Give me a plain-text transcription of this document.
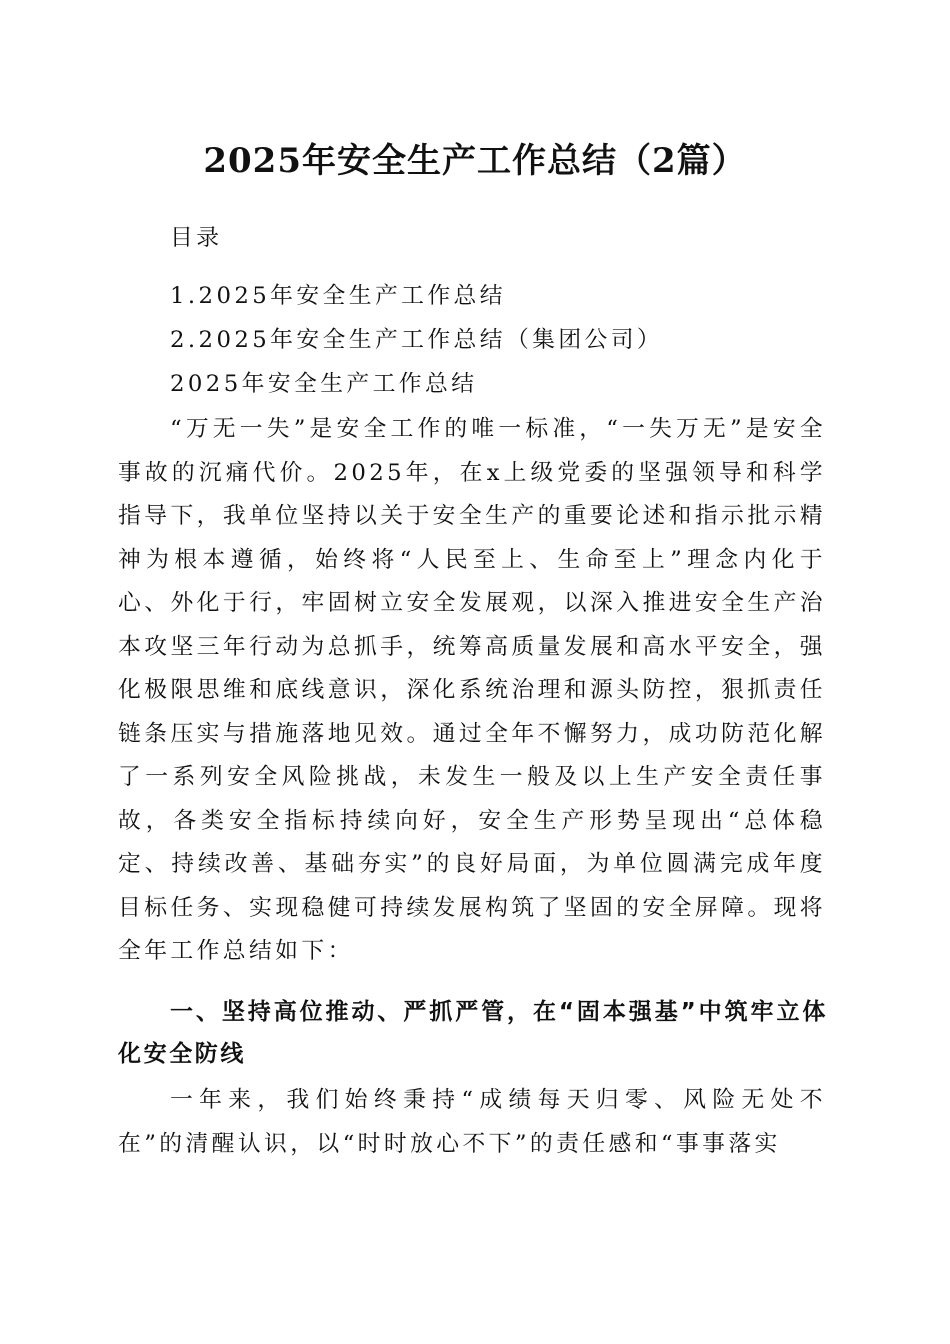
2025年安全生产工作总结（2篇）
目录
1.2025年安全生产工作总结
2.2025年安全生产工作总结（集团公司）
2025年安全生产工作总结
“万无一失”是安全工作的唯一标准，“一失万无”是安全事故的沉痛代价。2025年，在x上级党委的坚强领导和科学指导下，我单位坚持以关于安全生产的重要论述和指示批示精神为根本遵循，始终将“人民至上、生命至上”理念内化于心、外化于行，牢固树立安全发展观，以深入推进安全生产治本攻坚三年行动为总抓手，统筹高质量发展和高水平安全，强化极限思维和底线意识，深化系统治理和源头防控，狠抓责任链条压实与措施落地见效。通过全年不懈努力，成功防范化解了一系列安全风险挑战，未发生一般及以上生产安全责任事故，各类安全指标持续向好，安全生产形势呈现出“总体稳定、持续改善、基础夯实”的良好局面，为单位圆满完成年度目标任务、实现稳健可持续发展构筑了坚固的安全屏障。现将全年工作总结如下：
一、坚持高位推动、严抓严管，在“固本强基”中筑牢立体化安全防线
一年来，我们始终秉持“成绩每天归零、风险无处不在”的清醒认识，以“时时放心不下”的责任感和“事事落实
